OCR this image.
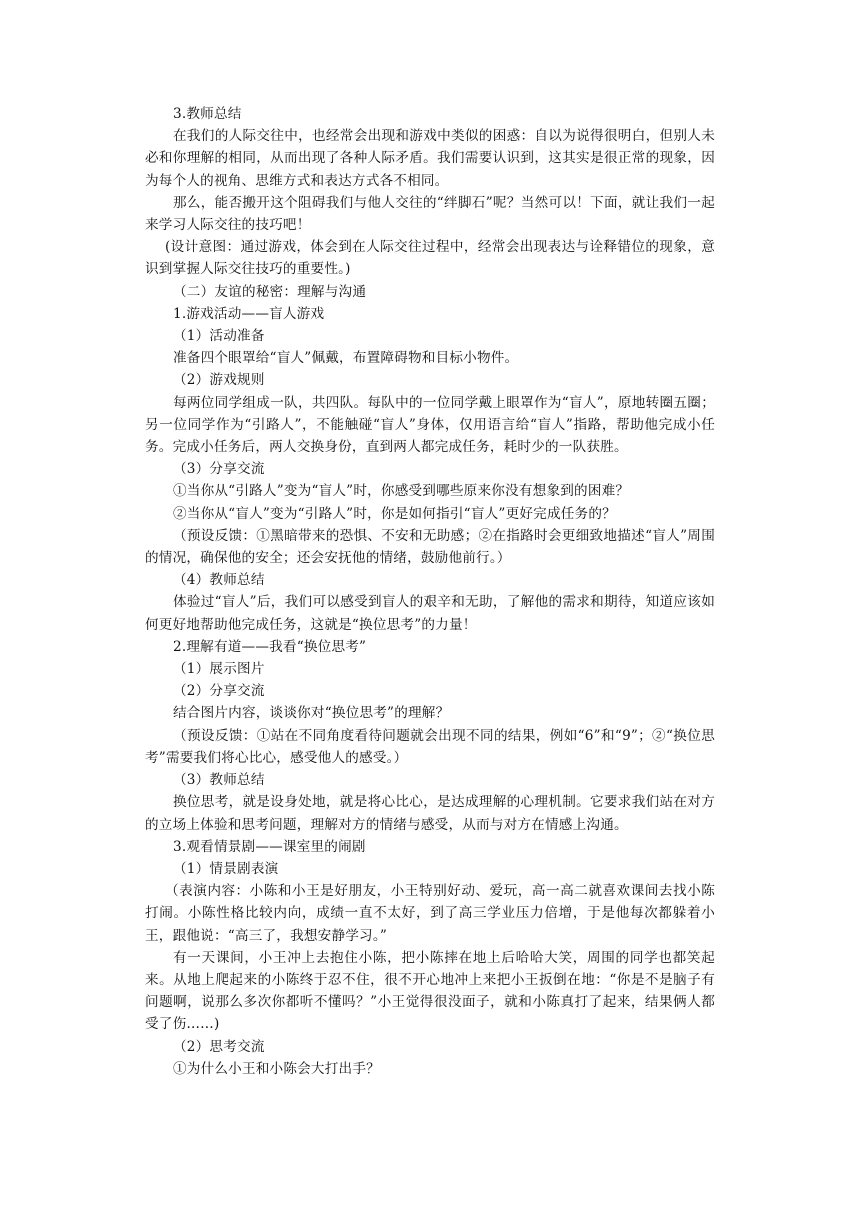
3.教师总结

在我们的人际交往中，也经常会出现和游戏中类似的困惑：自以为说得很明白，但别人未必和你理解的相同，从而出现了各种人际矛盾。我们需要认识到，这其实是很正常的现象，因为每个人的视角、思维方式和表达方式各不相同。

那么，能否搬开这个阻碍我们与他人交往的“绊脚石”呢？当然可以！下面，就让我们一起来学习人际交往的技巧吧！

(设计意图：通过游戏，体会到在人际交往过程中，经常会出现表达与诠释错位的现象，意识到掌握人际交往技巧的重要性。)

（二）友谊的秘密：理解与沟通

1.游戏活动——盲人游戏

（1）活动准备

准备四个眼罩给“盲人”佩戴，布置障碍物和目标小物件。

（2）游戏规则

每两位同学组成一队，共四队。每队中的一位同学戴上眼罩作为“盲人”，原地转圈五圈；另一位同学作为“引路人”，不能触碰“盲人”身体，仅用语言给“盲人”指路，帮助他完成小任务。完成小任务后，两人交换身份，直到两人都完成任务，耗时少的一队获胜。

（3）分享交流

①当你从“引路人”变为“盲人”时，你感受到哪些原来你没有想象到的困难？

②当你从“盲人”变为“引路人”时，你是如何指引“盲人”更好完成任务的？

（预设反馈：①黑暗带来的恐惧、不安和无助感；②在指路时会更细致地描述“盲人”周围的情况，确保他的安全；还会安抚他的情绪，鼓励他前行。）

（4）教师总结

体验过“盲人”后，我们可以感受到盲人的艰辛和无助，了解他的需求和期待，知道应该如何更好地帮助他完成任务，这就是“换位思考”的力量！

2.理解有道——我看“换位思考”

（1）展示图片

（2）分享交流

结合图片内容，谈谈你对“换位思考”的理解？

（预设反馈：①站在不同角度看待问题就会出现不同的结果，例如“6”和“9”；②“换位思考”需要我们将心比心，感受他人的感受。）

（3）教师总结

换位思考，就是设身处地，就是将心比心，是达成理解的心理机制。它要求我们站在对方的立场上体验和思考问题，理解对方的情绪与感受，从而与对方在情感上沟通。

3.观看情景剧——课室里的闹剧

（1）情景剧表演

（表演内容：小陈和小王是好朋友，小王特别好动、爱玩，高一高二就喜欢课间去找小陈打闹。小陈性格比较内向，成绩一直不太好，到了高三学业压力倍增，于是他每次都躲着小王，跟他说：“高三了，我想安静学习。”

有一天课间，小王冲上去抱住小陈，把小陈摔在地上后哈哈大笑，周围的同学也都笑起来。从地上爬起来的小陈终于忍不住，很不开心地冲上来把小王扳倒在地：“你是不是脑子有问题啊，说那么多次你都听不懂吗？”小王觉得很没面子，就和小陈真打了起来，结果俩人都受了伤……)

（2）思考交流

①为什么小王和小陈会大打出手？
